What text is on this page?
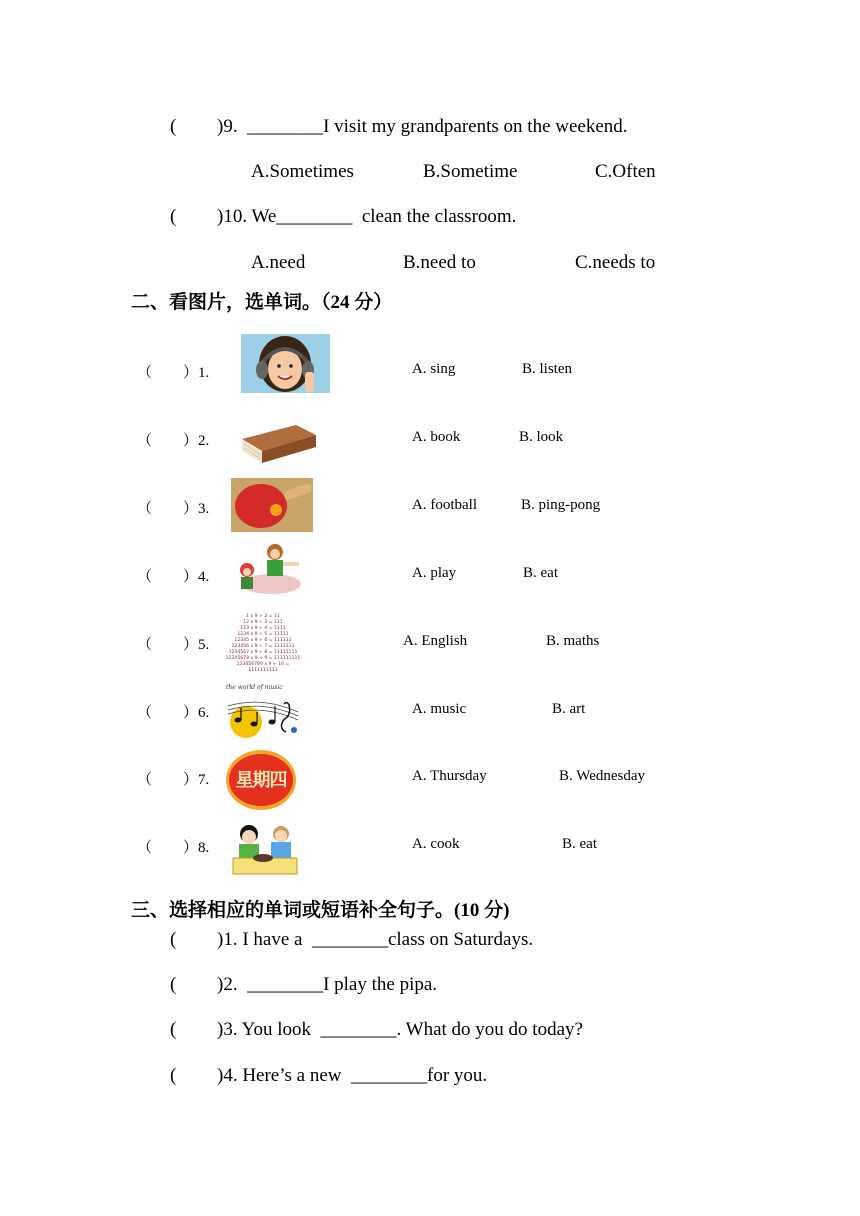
( )9. ________I visit my grandparents on the weekend.
A.Sometimes	B.Sometime	C.Often
( )10. We________ clean the classroom.
A.need	B.need to	C.needs to
二、看图片，选单词。（24 分）
（ ）1.	A. sing	B. listen
（ ）2.	A. book	B. look
（ ）3.	A. football	B. ping-pong
（ ）4.	A. play	B. eat
（ ）5.
1 x 9 + 2 = 11
12 x 9 + 3 = 111
123 x 9 + 4 = 1111
1234 x 9 + 5 = 11111
12345 x 9 + 6 = 111111
123456 x 9 + 7 = 1111111
1234567 x 9 + 8 = 11111111
12345678 x 9 + 9 = 111111111
123456789 x 9 + 10 = 1111111111
A. English	B. maths
（ ）6.
the world of music
A. music	B. art
（ ）7.	星期四	A. Thursday	B. Wednesday
（ ）8.	A. cook	B. eat
三、选择相应的单词或短语补全句子。(10 分)
( )1. I have a  ________class on Saturdays.
( )2.  ________I play the pipa.
( )3. You look  ________. What do you do today?
( )4. Here’s a new  ________for you.
